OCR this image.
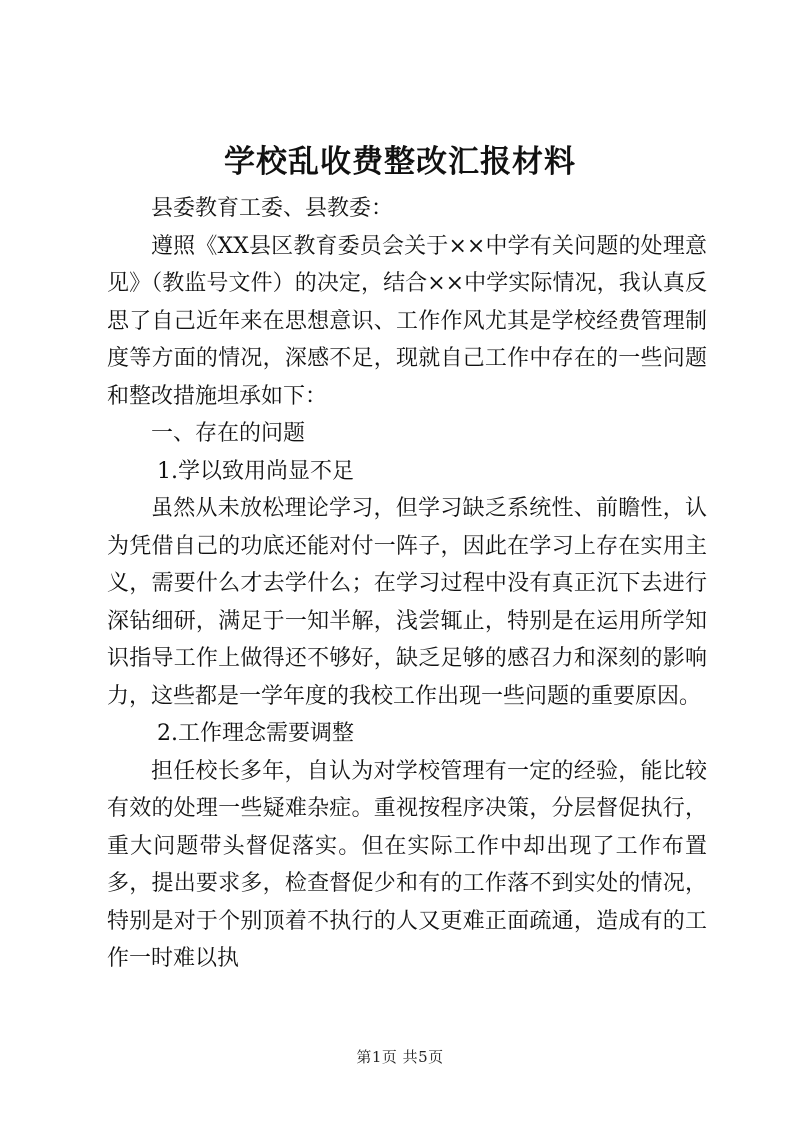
学校乱收费整改汇报材料

县委教育工委、县教委：

遵照《XX县区教育委员会关于××中学有关问题的处理意见》（教监号文件）的决定，结合××中学实际情况，我认真反思了自己近年来在思想意识、工作作风尤其是学校经费管理制度等方面的情况，深感不足，现就自己工作中存在的一些问题和整改措施坦承如下：

一、存在的问题

1.学以致用尚显不足

虽然从未放松理论学习，但学习缺乏系统性、前瞻性，认为凭借自己的功底还能对付一阵子，因此在学习上存在实用主义，需要什么才去学什么；在学习过程中没有真正沉下去进行深钻细研，满足于一知半解，浅尝辄止，特别是在运用所学知识指导工作上做得还不够好，缺乏足够的感召力和深刻的影响力，这些都是一学年度的我校工作出现一些问题的重要原因。

2.工作理念需要调整

担任校长多年，自认为对学校管理有一定的经验，能比较有效的处理一些疑难杂症。重视按程序决策，分层督促执行，重大问题带头督促落实。但在实际工作中却出现了工作布置多，提出要求多，检查督促少和有的工作落不到实处的情况，特别是对于个别顶着不执行的人又更难正面疏通，造成有的工作一时难以执

第1页 共5页
